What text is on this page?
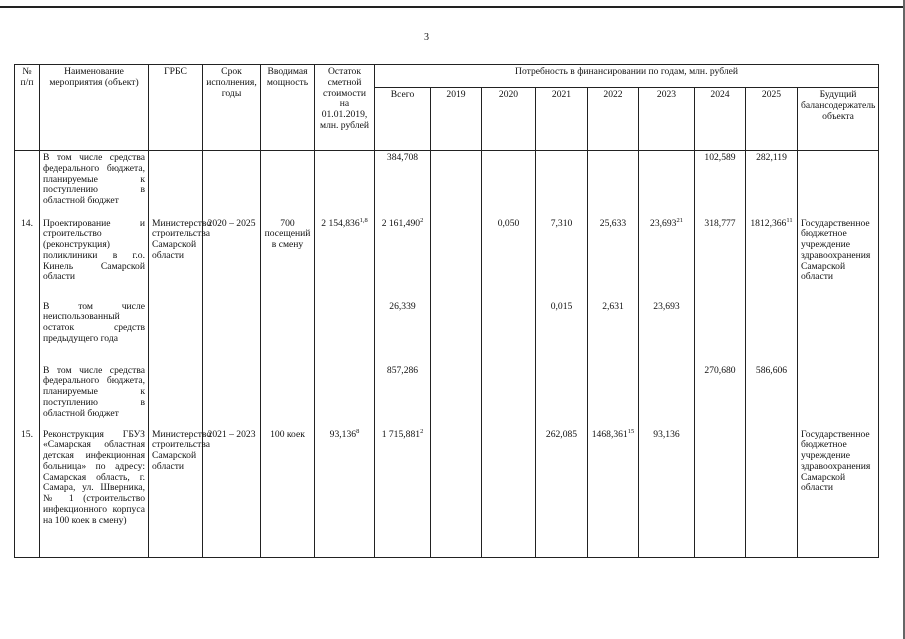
3
№ п/п	Наименование мероприятия (объект)	ГРБС	Срок исполнения, годы	Вводимая мощность	Остаток сметной стоимости на 01.01.2019, млн. рублей	Потребность в финансировании по годам, млн. рублей								
						Всего	2019	2020	2021	2022	2023	2024	2025	Будущий балансодержатель объекта
	В том числе средства федерального бюджета, планируемые к поступлению в областной бюджет					384,708						102,589	282,119	
14.	Проектирование и строительство (реконструкция) поликлиники в г.о. Кинель Самарской области	Министерство строительства Самарской области	2020 – 2025	700 посещений в смену	2 154,836$^{1,8}$	2 161,490$^2$		0,050	7,310	25,633	23,693$^{21}$	318,777	1812,366$^{11}$	Государственное бюджетное учреждение здравоохранения Самарской области
	В том числе неиспользованный остаток средств предыдущего года					26,339			0,015	2,631	23,693			
	В том числе средства федерального бюджета, планируемые к поступлению в областной бюджет					857,286						270,680	586,606	
15.	Реконструкция ГБУЗ «Самарская областная детская инфекционная больница» по адресу: Самарская область, г. Самара, ул. Шверника, № 1 (строительство инфекционного корпуса на 100 коек в смену)	Министерство строительства Самарской области	2021 – 2023	100 коек	93,136$^8$	1 715,881$^2$			262,085	1468,361$^{15}$	93,136			Государственное бюджетное учреждение здравоохранения Самарской области
